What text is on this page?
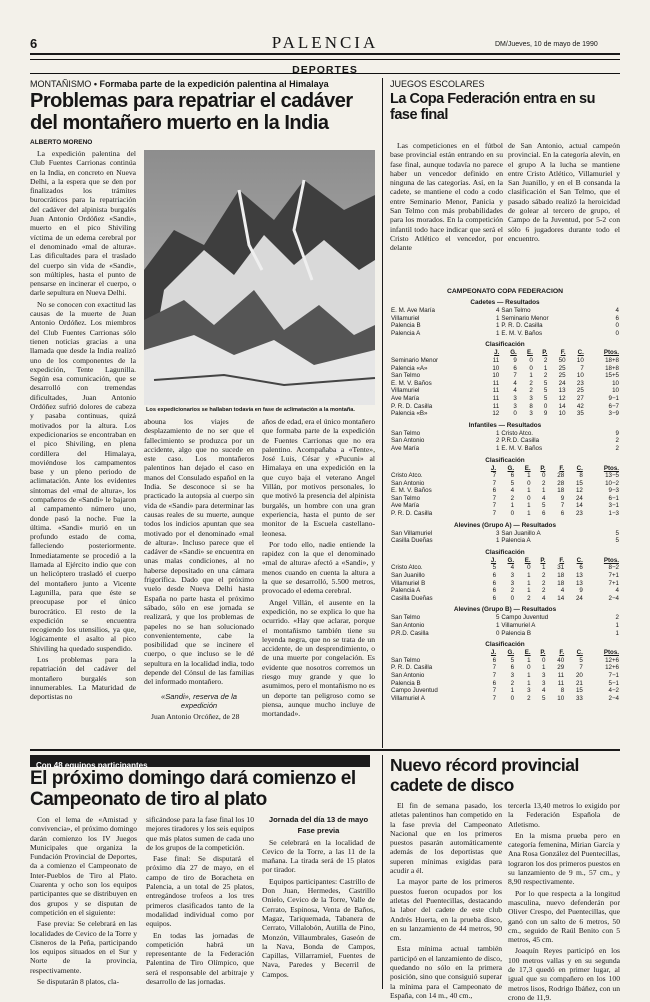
6	PALENCIA	DM/Jueves, 10 de mayo de 1990
DEPORTES
MONTAÑISMO • Formaba parte de la expedición palentina al Himalaya
Problemas para repatriar el cadáver del montañero muerto en la India
ALBERTO MORENO

La expedición palentina del Club Fuentes Carrionas continúa en la India, en concreto en Nueva Delhi, a la espera que se den por finalizados los trámites burocráticos para la repatriación del cadáver del alpinista burgalés Juan Antonio Ordóñez «Sandi», muerto en el pico Shiviling víctima de un edema cerebral por el denominado «mal de altura». Las dificultades para el traslado del cuerpo sin vida de «Sandi», son múltiples, hasta el punto de pensarse en incinerar el cuerpo, o darle sepultura en Nueva Delhi.

No se conocen con exactitud las causas de la muerte de Juan Antonio Ordóñez. Los miembros del Club Fuentes Carrionas sólo tienen noticias gracias a una llamada que desde la India realizó uno de los componentes de la expedición, Tente Lagunilla. Según esa comunicación, que se desarrolló con tremendas dificultades, Juan Antonio Ordóñez sufrió dolores de cabeza y pasaba continuas, quizá motivados por la altura. Los expedicionarios se encontraban en el pico Shiviling, en plena cordillera del Himalaya, moviéndose los campamentos base y un pleno periodo de aclimatación. Ante los evidentes síntomas del «mal de altura», los compañeros de «Sandi» le bajaron al campamento número uno, donde pasó la noche. Fue la última. «Sandi» murió en un profundo estado de coma, falleciendo posteriormente. Inmediatamente se procedió a la llamada al Ejército indio que con un helicóptero trasladó el cuerpo del montañero junto a Vicente Lagunilla, para que éste se preocupase por el único burocrático. El resto de la expedición se encuentra recogiendo los utensilios, ya que, lógicamente el asalto al pico Shiviling ha quedado suspendido.

Los problemas para la repatriación del cadáver del montañero burgalés son innumerables. La Maturidad de deportistas no

Los expedicionarios se hallaban todavía en fase de aclimatación a la montaña.

abouna los viajes de desplazamiento de no ser que el fallecimiento se produzca por un accidente, algo que no sucede en este caso. Los montañeros palentinos han dejado el caso en manos del Consulado español en la India. Se desconoce si se ha practicado la autopsia al cuerpo sin vida de «Sandi» para determinar las causas reales de su muerte, aunque todos los indicios apuntan que sea motivado por el denominado «mal de altura». Incluso parece que el cadáver de «Sandi» se encuentra en unas malas condiciones, al no haberse depositado en una cámara frigorífica. Dado que el próximo vuelo desde Nueva Delhi hasta España no parte hasta el próximo sábado, sólo en ese jornada se realizará, y que los problemas de papeles no se han solucionado convenientemente, cabe la posibilidad que se incinere el cuerpo, o que incluso se le dé sepultura en la localidad india, todo depende del Cónsul de las familias del informado montañero.

«Sandi», reserva de la expedición

Juan Antonio Orcóñez, de 28

años de edad, era el único montañero que formaba parte de la expedición de Fuentes Carrionas que no era palentino. Acompañaba a «Tente», José Luis, César y «Pucuni» al Himalaya en una expedición en la que cuyo baja el veterano Angel Villán, por motivos personales, lo que motivó la presencia del alpinista burgalés, un hombre con una gran experiencia, hasta el punto de ser monitor de la Escuela castellano-leonesa.

Por todo ello, nadie entiende la rapidez con la que el denominado «mal de altura» afectó a «Sandi», y menos cuando en cuenta la altura a la que se desarrolló, 5.500 metros, provocado el edema cerebral.

Angel Villán, el ausente en la expedición, no se explica lo que ha ocurrido. «Hay que aclarar, porque el montañismo también tiene su leyenda negra, que no se trata de un accidente, de un desprendimiento, o de una muerte por congelación. Es evidente que nosotros corremos un riesgo muy grande y que lo asumimos, pero el montañismo no es un deporte tan peligroso como se piensa, aunque mucho incluye de mortandad».

JUEGOS ESCOLARES
La Copa Federación entra en su fase final

Las competiciones en el fútbol base provincial están entrando en su fase final, aunque todavía no parece haber un vencedor definido en ninguna de las categorías. Así, en la cadete, se mantiene el codo a codo entre Seminario Menor, Panicia y San Telmo con más probabilidades para los morados. En la competición infantil todo hace indicar que será el Cristo Atlético el vencedor, por delante

de San Antonio, actual campeón provincial. En la categoría alevín, en el grupo A la lucha se mantiene entre Cristo Atlético, Villamuriel y San Juanillo, y en el B consanda la clasificación el San Telmo, que el pasado sábado realizó la heroicidad de golear al tercero de grupo, el Campo de la Juventud, por 5-2 con sólo 6 jugadores durante todo el encuentro.

CAMPEONATO COPA FEDERACION
Cadetes — Resultados
E. M. Ave María	4	San Telmo	4
Villamuriel	1	Seminario Menor	6
Palencia B	1	P. R. D. Casilla	0
Palencia A	1	E. M. V. Baños	0
Clasificación
	J.	G.	E.	P.	F.	C.	Ptos.
Seminario Menor	11	9	0	2	50	10	18+8
Palencia «A»	10	6	0	1	25	7	18+8
San Telmo	10	7	1	2	25	10	15+5
E. M. V. Baños	11	4	2	5	24	23	10
Villamuriel	11	4	2	5	13	25	10
Ave María	11	3	3	5	12	27	9−1
P. R. D. Casilla	11	3	8	0	14	42	6−7
Palencia «B»	12	0	3	9	10	35	3−9
Infantiles — Resultados
San Telmo	1	Cristo Atco.	9
San Antonio	2	P.R.D. Casilla	2
Ave María	1	E. M. V. Baños	2
Clasificación
	J.	G.	E.	P.	F.	C.	Ptos.
Cristo Atco.	7	6	1	0	28	8	13−5
San Antonio	7	5	0	2	28	15	10−2
E. M. V. Baños	6	4	1	1	18	12	9−3
San Telmo	7	2	0	4	9	24	6−1
Ave María	7	1	1	5	7	14	3−1
P. R. D. Casilla	7	0	1	6	6	23	1−3
Alevines (Grupo A) — Resultados
San Villamuriel	3	San Juanillo A	5
Casilla Dueñas	1	Palencia A	5
Clasificación
	J.	G.	E.	P.	F.	C.	Ptos.
Cristo Atco.	5	4	0	1	31	6	8−2
San Juanillo	6	3	1	2	18	13	7+1
Villamuriel B	6	3	1	2	18	13	7+1
Palencia A	6	2	1	2	4	9	4
Casilla Dueñas	6	0	2	4	14	24	2−4
Alevines (Grupo B) — Resultados
San Telmo	5	Campo Juventud	2
San Antonio	1	Villamuriel A	1
P.R.D. Casilla	0	Palencia B	1
Clasificación
	J.	G.	E.	P.	F.	C.	Ptos.
San Telmo	6	5	1	0	40	5	12+6
P. R. D. Casilla	7	6	0	1	29	7	12+6
San Antonio	7	3	1	3	11	20	7−1
Palencia B	6	2	1	3	11	21	5−1
Campo Juventud	7	1	3	4	8	15	4−2
Villamuriel A	7	0	2	5	10	33	2−4
Con 48 equipos participantes
El próximo domingo dará comienzo el Campeonato de tiro al plato

Con el lema de «Amistad y convivencia», el próximo domingo darán comienzo los IV Juegos Municipales que organiza la Fundación Provincial de Deportes, da a comienzo el Campeonato de Inter-Pueblos de Tiro al Plato. Cuarenta y ocho son los equipos participantes que se distribuyen en dos grupos y se disputan de competición en el siguiente:

Fase previa: Se celebrará en las localidades de Cevico de la Torre y Cisneros de la Peña, participando los equipos situados en el Sur y Norte de la provincia, respectivamente.

Se disputarán 8 platos, cla-

sificándose para la fase final los 10 mejores tiradores y los seis equipos que más platos sumen de cada uno de los grupos de la competición.

Fase final: Se disputará el próximo día 27 de mayo, en el campo de tiro de Boracheta en Palencia, a un total de 25 platos, entregándose trofeos a los tres primeros clasificados tanto de la modalidad individual como por equipos.

En todas las jornadas de competición habrá un representante de la Federación Palentina de Tiro Olímpico, que será el responsable del arbitraje y desarrollo de las jornadas.

Jornada del día 13 de mayo

Fase previa

Se celebrará en la localidad de Cevico de la Torre, a las 11 de la mañana. La tirada será de 15 platos por tirador.

Equipos participantes: Castrillo de Don Juan, Hermedes, Castrillo Onielo, Cevico de la Torre, Valle de Cerrato, Espinosa, Venta de Baños, Magaz, Tariquemada, Tabanera de Cerrato, Villalobón, Autilla de Pino, Monzón, Villaumbrales, Gaseón de la Nava, Bonda de Campos, Capillas, Villarramiel, Fuentes de Nava, Paredes y Becerril de Campos.

Nuevo récord provincial cadete de disco

El fin de semana pasado, los atletas palentinos han competido en la fase previa del Campeonato Nacional que en los primeros puestos pasarán automáticamente además de los deportistas que superen mínimas exigidas para acudir a él.

La mayor parte de los primeros puestos fueron ocupados por los atletas del Puentecillas, destacando la labor del cadete de este club Andrés Huerta, en la prueba disco, en su lanzamiento de 44 metros, 90 cm.

Esta mínima actual también participó en el lanzamiento de disco, quedando no sólo en la primera posición, sino que consiguió superar la mínima para el Campeonato de España, con 14 m., 40 cm.,

tercerla 13,40 metros lo exigido por la Federación Española de Atletismo.

En la misma prueba pero en categoría femenina, Mirian García y Ana Rosa González del Puentecillas, lograron los dos primeros puestos en su lanzamiento de 9 m., 57 cm., y 8,90 respectivamente.

Por lo que respecta a la longitud masculina, nuevo defenderán por Oliver Crespo, del Puentecillas, que ganó con un salto de 6 metros, 50 cm., seguido de Raúl Benito con 5 metros, 45 cm.

Joaquín Reyes participó en los 100 metros vallas y en su segunda de 17,3 quedó en primer lugar, al igual que su compañero en los 100 metros lisos, Rodrigo Ibáñez, con un crono de 11,9.
